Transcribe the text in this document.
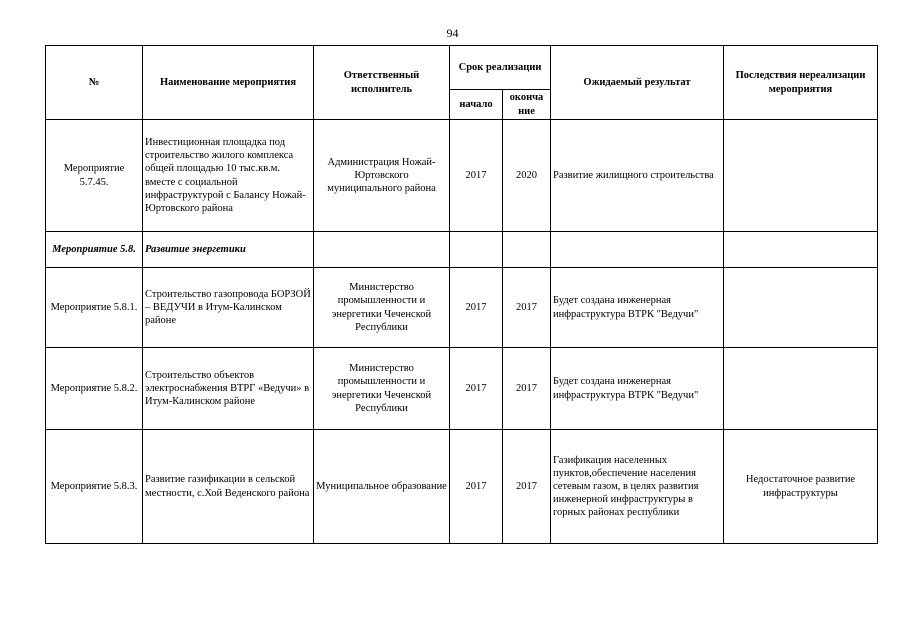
94
№	Наименование мероприятия	Ответственный исполнитель	Срок реализации		Ожидаемый результат	Последствия нереализации мероприятия
			начало	оконча ние		
Мероприятие 5.7.45.	Инвестиционная площадка под строительство жилого комплекса общей площадью 10 тыс.кв.м. вместе с социальной инфраструктурой с Балансу Ножай-Юртовского района	Администрация Ножай-Юртовского муниципального района	2017	2020	Развитие жилищного строительства	
Мероприятие 5.8.	Развитие энергетики					
Мероприятие 5.8.1.	Строительство газопровода БОРЗОЙ – ВЕДУЧИ в Итум-Калинском районе	Министерство промышленности и энергетики Чеченской Республики	2017	2017	Будет создана инженерная инфраструктура ВТРК "Ведучи"	
Мероприятие 5.8.2.	Строительство объектов электроснабжения ВТРГ «Ведучи» в Итум-Калинском районе	Министерство промышленности и энергетики Чеченской Республики	2017	2017	Будет создана инженерная инфраструктура ВТРК "Ведучи"	
Мероприятие 5.8.3.	Развитие газификации в сельской местности, с.Хой Веденского района	Муниципальное образование	2017	2017	Газификация населенных пунктов,обеспечение населения сетевым газом, в целях развития инженерной инфраструктуры в горных районах республики	Недостаточное развитие инфраструктуры
